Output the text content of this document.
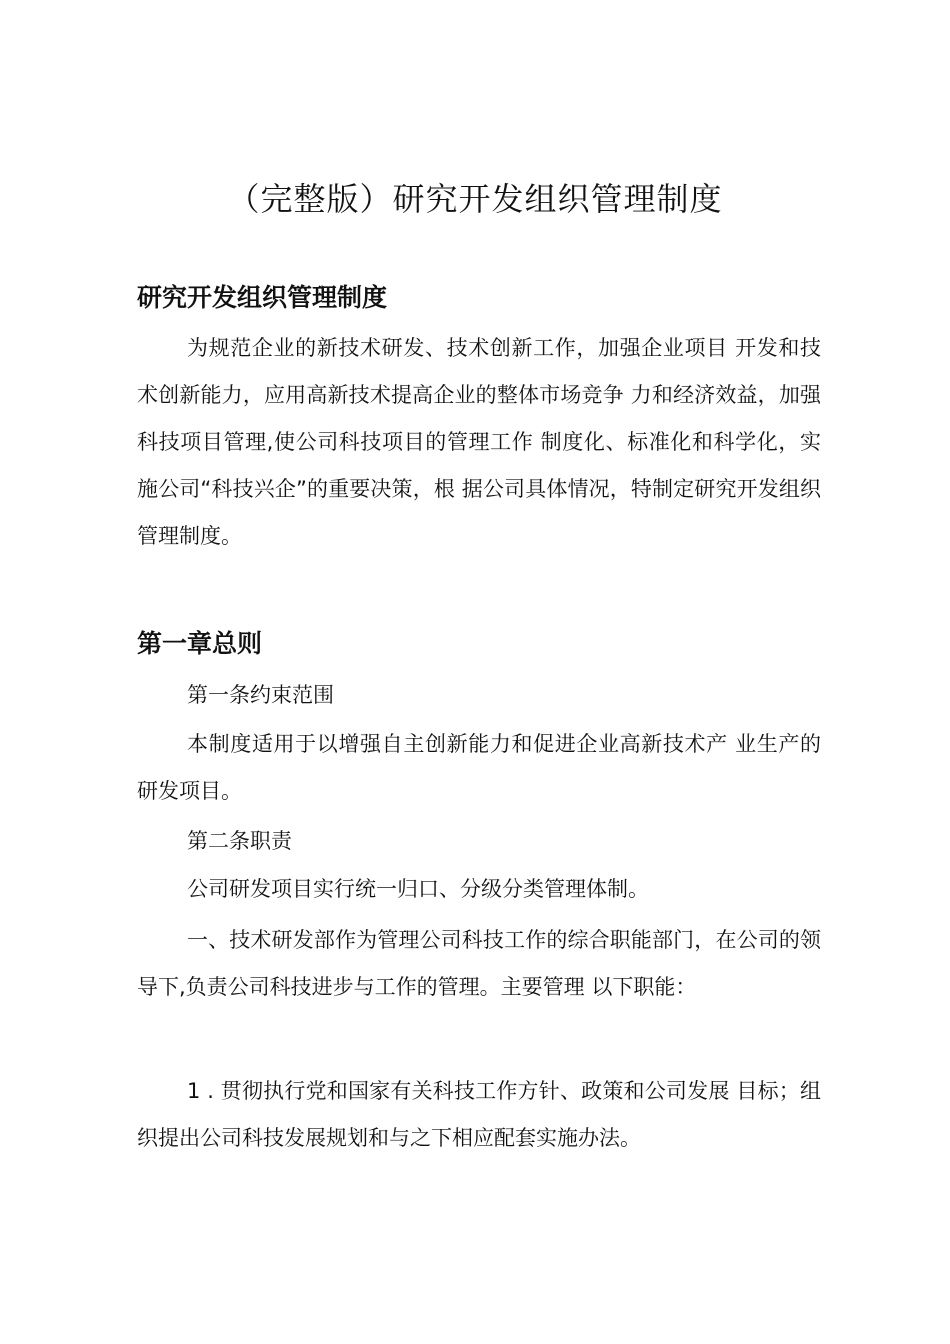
（完整版）研究开发组织管理制度
研究开发组织管理制度

为规范企业的新技术研发、技术创新工作，加强企业项目 开发和技术创新能力，应用高新技术提高企业的整体市场竞争 力和经济效益，加强科技项目管理,使公司科技项目的管理工作 制度化、标准化和科学化，实施公司“科技兴企”的重要决策，根 据公司具体情况，特制定研究开发组织管理制度。

第一章总则

第一条约束范围

本制度适用于以增强自主创新能力和促进企业高新技术产 业生产的研发项目。

第二条职责

公司研发项目实行统一归口、分级分类管理体制。

一、技术研发部作为管理公司科技工作的综合职能部门，在公司的领导下,负责公司科技进步与工作的管理。主要管理 以下职能：

1 . 贯彻执行党和国家有关科技工作方针、政策和公司发展 目标；组织提出公司科技发展规划和与之下相应配套实施办法。
